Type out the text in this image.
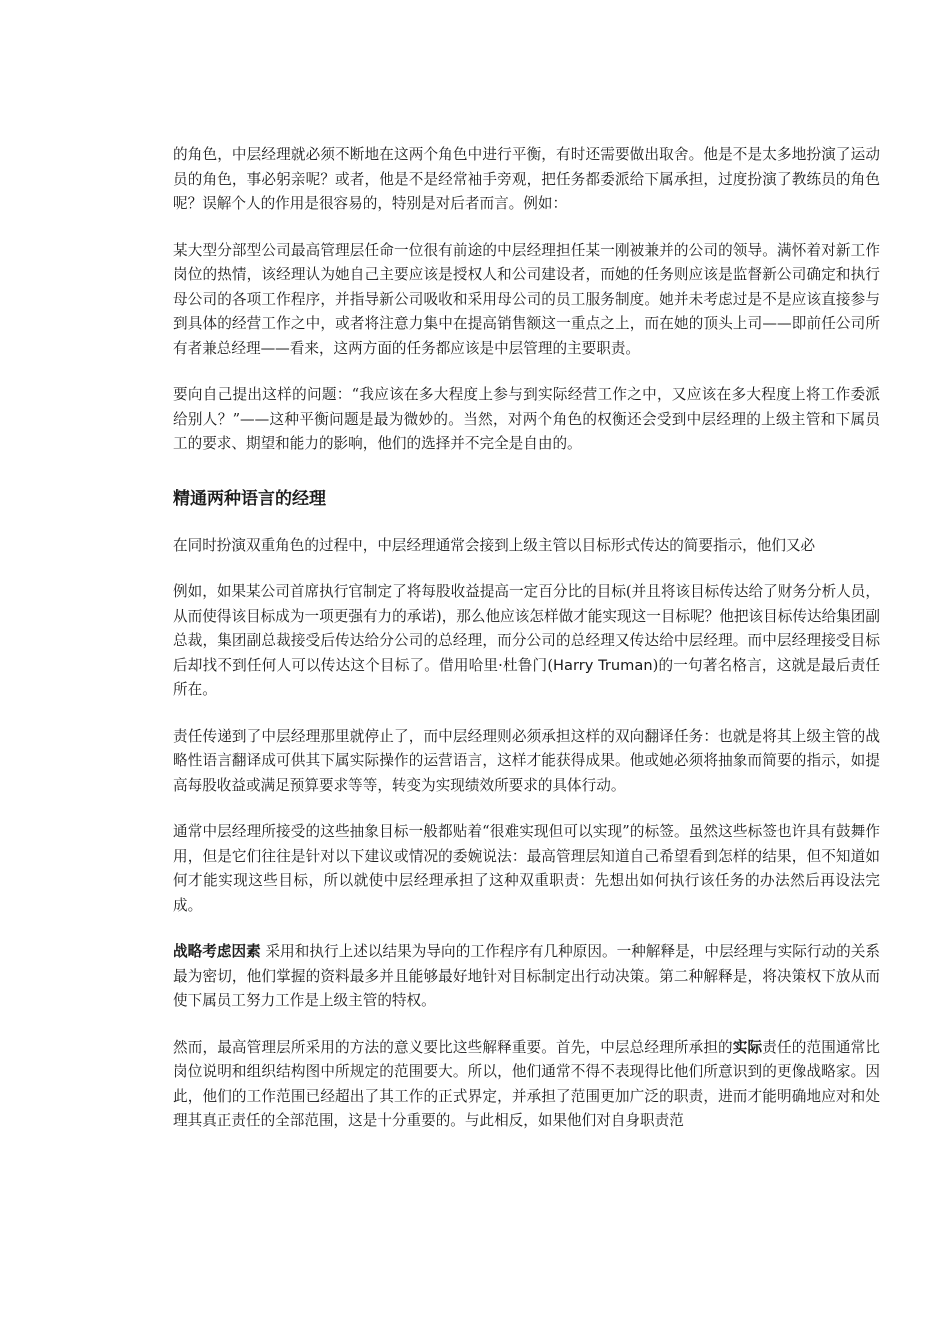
的角色，中层经理就必须不断地在这两个角色中进行平衡，有时还需要做出取舍。他是不是太多地扮演了运动员的角色，事必躬亲呢？或者，他是不是经常袖手旁观，把任务都委派给下属承担，过度扮演了教练员的角色呢？误解个人的作用是很容易的，特别是对后者而言。例如：

某大型分部型公司最高管理层任命一位很有前途的中层经理担任某一刚被兼并的公司的领导。满怀着对新工作岗位的热情，该经理认为她自己主要应该是授权人和公司建设者，而她的任务则应该是监督新公司确定和执行母公司的各项工作程序，并指导新公司吸收和采用母公司的员工服务制度。她并未考虑过是不是应该直接参与到具体的经营工作之中，或者将注意力集中在提高销售额这一重点之上，而在她的顶头上司——即前任公司所有者兼总经理——看来，这两方面的任务都应该是中层管理的主要职责。

要向自己提出这样的问题：“我应该在多大程度上参与到实际经营工作之中，又应该在多大程度上将工作委派给别人？”——这种平衡问题是最为微妙的。当然，对两个角色的权衡还会受到中层经理的上级主管和下属员工的要求、期望和能力的影响，他们的选择并不完全是自由的。

精通两种语言的经理

在同时扮演双重角色的过程中，中层经理通常会接到上级主管以目标形式传达的简要指示，他们又必

例如，如果某公司首席执行官制定了将每股收益提高一定百分比的目标(并且将该目标传达给了财务分析人员，从而使得该目标成为一项更强有力的承诺)，那么他应该怎样做才能实现这一目标呢？他把该目标传达给集团副总裁，集团副总裁接受后传达给分公司的总经理，而分公司的总经理又传达给中层经理。而中层经理接受目标后却找不到任何人可以传达这个目标了。借用哈里·杜鲁门(Harry Truman)的一句著名格言，这就是最后责任所在。

责任传递到了中层经理那里就停止了，而中层经理则必须承担这样的双向翻译任务：也就是将其上级主管的战略性语言翻译成可供其下属实际操作的运营语言，这样才能获得成果。他或她必须将抽象而简要的指示，如提高每股收益或满足预算要求等等，转变为实现绩效所要求的具体行动。

通常中层经理所接受的这些抽象目标一般都贴着“很难实现但可以实现”的标签。虽然这些标签也许具有鼓舞作用，但是它们往往是针对以下建议或情况的委婉说法：最高管理层知道自己希望看到怎样的结果，但不知道如何才能实现这些目标，所以就使中层经理承担了这种双重职责：先想出如何执行该任务的办法然后再设法完成。

战略考虑因素 采用和执行上述以结果为导向的工作程序有几种原因。一种解释是，中层经理与实际行动的关系最为密切，他们掌握的资料最多并且能够最好地针对目标制定出行动决策。第二种解释是，将决策权下放从而使下属员工努力工作是上级主管的特权。

然而，最高管理层所采用的方法的意义要比这些解释重要。首先，中层总经理所承担的实际责任的范围通常比岗位说明和组织结构图中所规定的范围要大。所以，他们通常不得不表现得比他们所意识到的更像战略家。因此，他们的工作范围已经超出了其工作的正式界定，并承担了范围更加广泛的职责，进而才能明确地应对和处理其真正责任的全部范围，这是十分重要的。与此相反，如果他们对自身职责范
